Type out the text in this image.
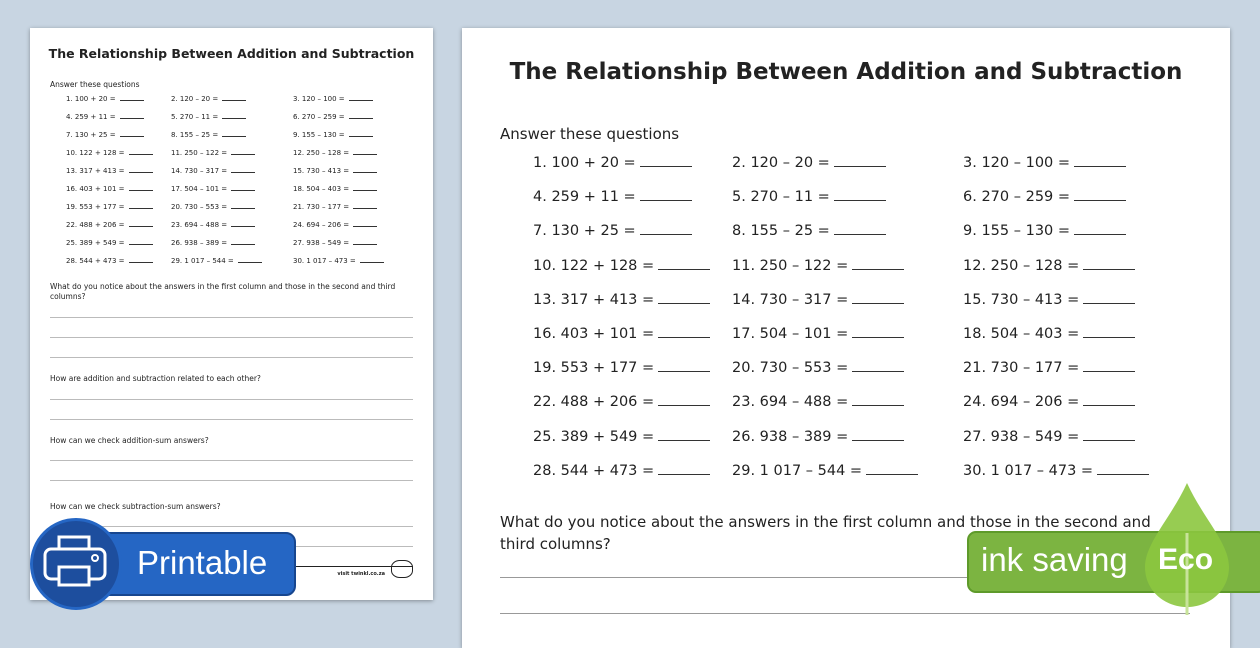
The Relationship Between Addition and Subtraction
Answer these questions
1. 100 + 20 =	2. 120 – 20 =	3. 120 – 100 =
4. 259 + 11 =	5. 270 – 11 =	6. 270 – 259 =
7. 130 + 25 =	8. 155 – 25 =	9. 155 – 130 =
10. 122 + 128 =	11. 250 – 122 =	12. 250 – 128 =
13. 317 + 413 =	14. 730 – 317 =	15. 730 – 413 =
16. 403 + 101 =	17. 504 – 101 =	18. 504 – 403 =
19. 553 + 177 =	20. 730 – 553 =	21. 730 – 177 =
22. 488 + 206 =	23. 694 – 488 =	24. 694 – 206 =
25. 389 + 549 =	26. 938 – 389 =	27. 938 – 549 =
28. 544 + 473 =	29. 1 017 – 544 =	30. 1 017 – 473 =
What do you notice about the answers in the first column and those in the second and third columns?
How are addition and subtraction related to each other?
How can we check addition-sum answers?
How can we check subtraction-sum answers?
visit twinkl.co.za
The Relationship Between Addition and Subtraction
Answer these questions
1. 100 + 20 =	2. 120 – 20 =	3. 120 – 100 =
4. 259 + 11 =	5. 270 – 11 =	6. 270 – 259 =
7. 130 + 25 =	8. 155 – 25 =	9. 155 – 130 =
10. 122 + 128 =	11. 250 – 122 =	12. 250 – 128 =
13. 317 + 413 =	14. 730 – 317 =	15. 730 – 413 =
16. 403 + 101 =	17. 504 – 101 =	18. 504 – 403 =
19. 553 + 177 =	20. 730 – 553 =	21. 730 – 177 =
22. 488 + 206 =	23. 694 – 488 =	24. 694 – 206 =
25. 389 + 549 =	26. 938 – 389 =	27. 938 – 549 =
28. 544 + 473 =	29. 1 017 – 544 =	30. 1 017 – 473 =
What do you notice about the answers in the first column and those in the second and third columns?
Printable	ink saving Eco
